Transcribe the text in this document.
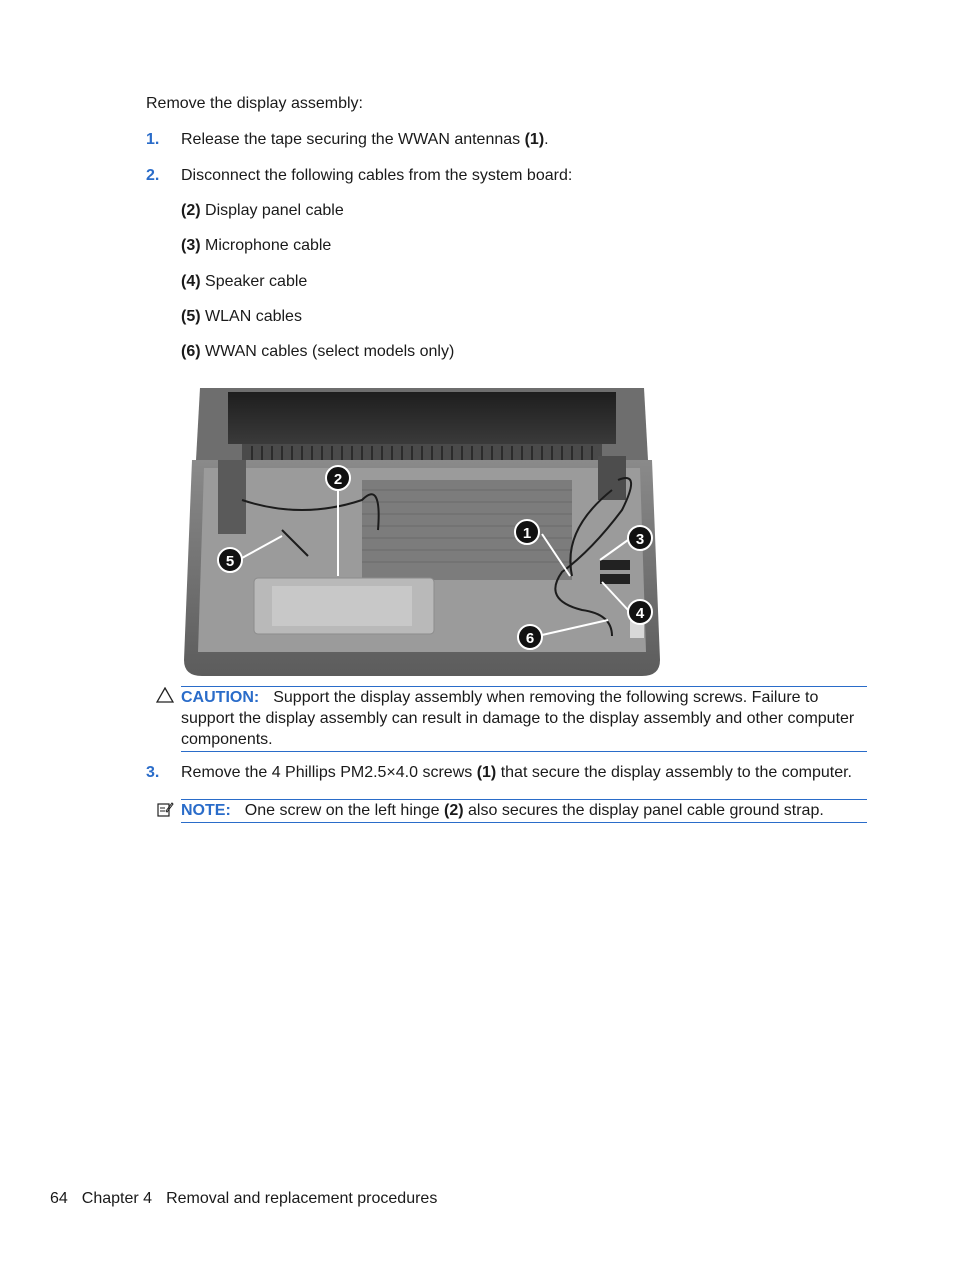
Remove the display assembly:
1.	Release the tape securing the WWAN antennas (1).
2.	Disconnect the following cables from the system board:
(2) Display panel cable
(3) Microphone cable
(4) Speaker cable
(5) WLAN cables
(6) WWAN cables (select models only)
2
1	3
4
5
6
CAUTION: Support the display assembly when removing the following screws. Failure to support the display assembly can result in damage to the display assembly and other computer components.
3.	Remove the 4 Phillips PM2.5×4.0 screws (1) that secure the display assembly to the computer.
NOTE: One screw on the left hinge (2) also secures the display panel cable ground strap.
64 Chapter 4 Removal and replacement procedures
